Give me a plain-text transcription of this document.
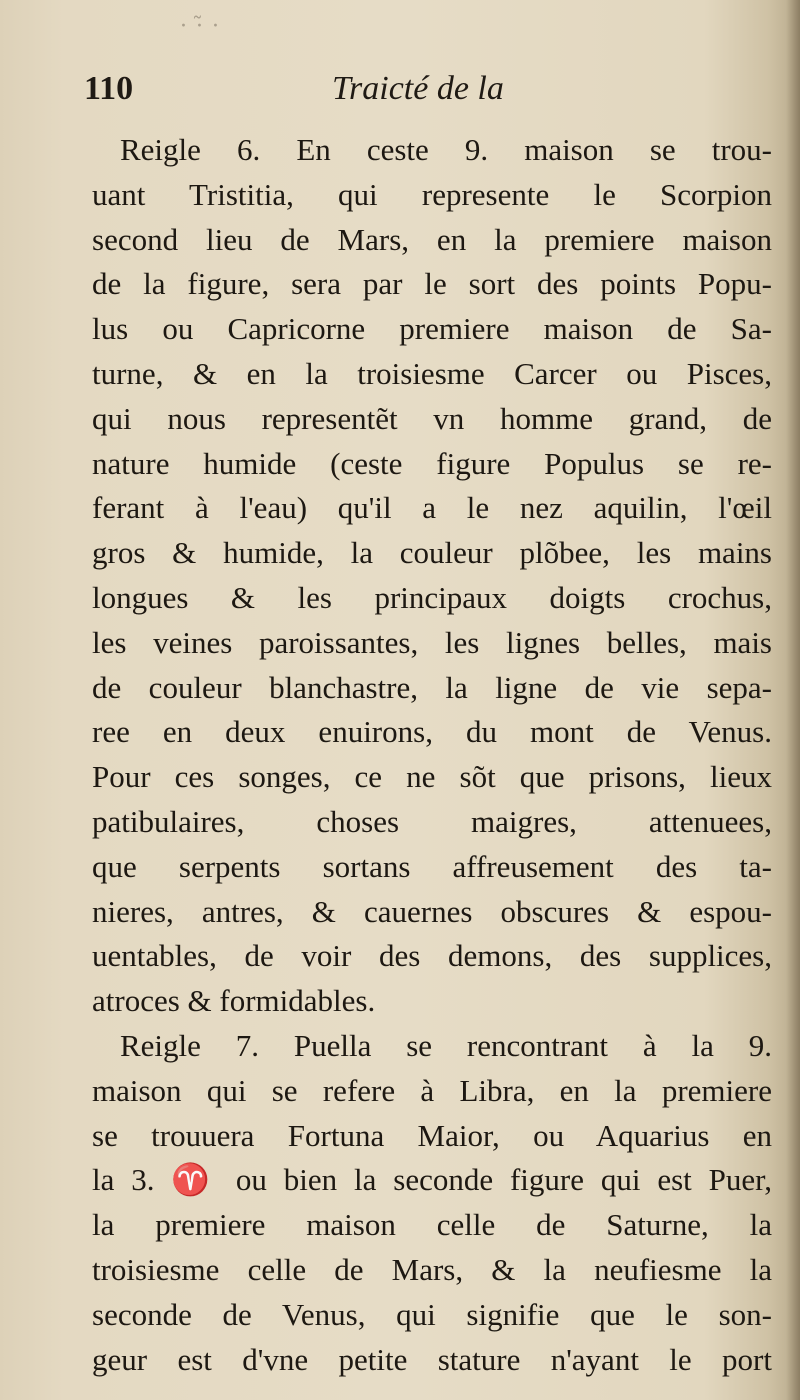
· ·̃ ·
110	Traicté de la
Reigle 6. En ceste 9. maison se trou-
uant Tristitia, qui represente le Scorpion
second lieu de Mars, en la premiere maison
de la figure, sera par le sort des points Popu-
lus ou Capricorne premiere maison de Sa-
turne, & en la troisiesme Carcer ou Pisces,
qui nous representẽt vn homme grand, de
nature humide (ceste figure Populus se re-
ferant à l'eau) qu'il a le nez aquilin, l'œil
gros & humide, la couleur plõbee, les mains
longues & les principaux doigts crochus,
les veines paroissantes, les lignes belles, mais
de couleur blanchastre, la ligne de vie sepa-
ree en deux enuirons, du mont de Venus.
Pour ces songes, ce ne sõt que prisons, lieux
patibulaires, choses maigres, attenuees,
que serpents sortans affreusement des ta-
nieres, antres, & cauernes obscures & espou-
uentables, de voir des demons, des supplices,
atroces & formidables.
Reigle 7. Puella se rencontrant à la 9.
maison qui se refere à Libra, en la premiere
se trouuera Fortuna Maior, ou Aquarius en
la 3. ♈ ou bien la seconde figure qui est Puer,
la premiere maison celle de Saturne, la
troisiesme celle de Mars, & la neufiesme la
seconde de Venus, qui signifie que le son-
geur est d'vne petite stature n'ayant le port
